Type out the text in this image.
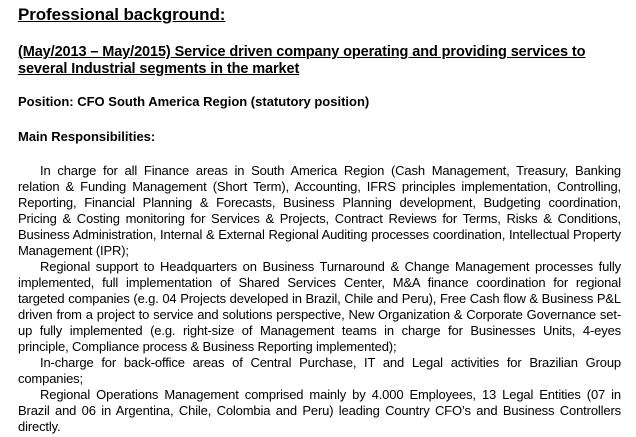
Professional background:
(May/2013 – May/2015) Service driven company operating and providing services to several Industrial segments in the market

Position: CFO South America Region (statutory position)

Main Responsibilities:

In charge for all Finance areas in South America Region (Cash Management, Treasury, Banking relation & Funding Management (Short Term), Accounting, IFRS principles implementation, Controlling, Reporting, Financial Planning & Forecasts, Business Planning development, Budgeting coordination, Pricing & Costing monitoring for Services & Projects, Contract Reviews for Terms, Risks & Conditions, Business Administration, Internal & External Regional Auditing processes coordination, Intellectual Property Management (IPR);
Regional support to Headquarters on Business Turnaround & Change Management processes fully implemented, full implementation of Shared Services Center, M&A finance coordination for regional targeted companies (e.g. 04 Projects developed in Brazil, Chile and Peru), Free Cash flow & Business P&L driven from a project to service and solutions perspective, New Organization & Corporate Governance set-up fully implemented (e.g. right-size of Management teams in charge for Businesses Units, 4-eyes principle, Compliance process & Business Reporting implemented);
In-charge for back-office areas of Central Purchase, IT and Legal activities for Brazilian Group companies;
Regional Operations Management comprised mainly by 4.000 Employees, 13 Legal Entities (07 in Brazil and 06 in Argentina, Chile, Colombia and Peru) leading Country CFO’s and Business Controllers directly.
